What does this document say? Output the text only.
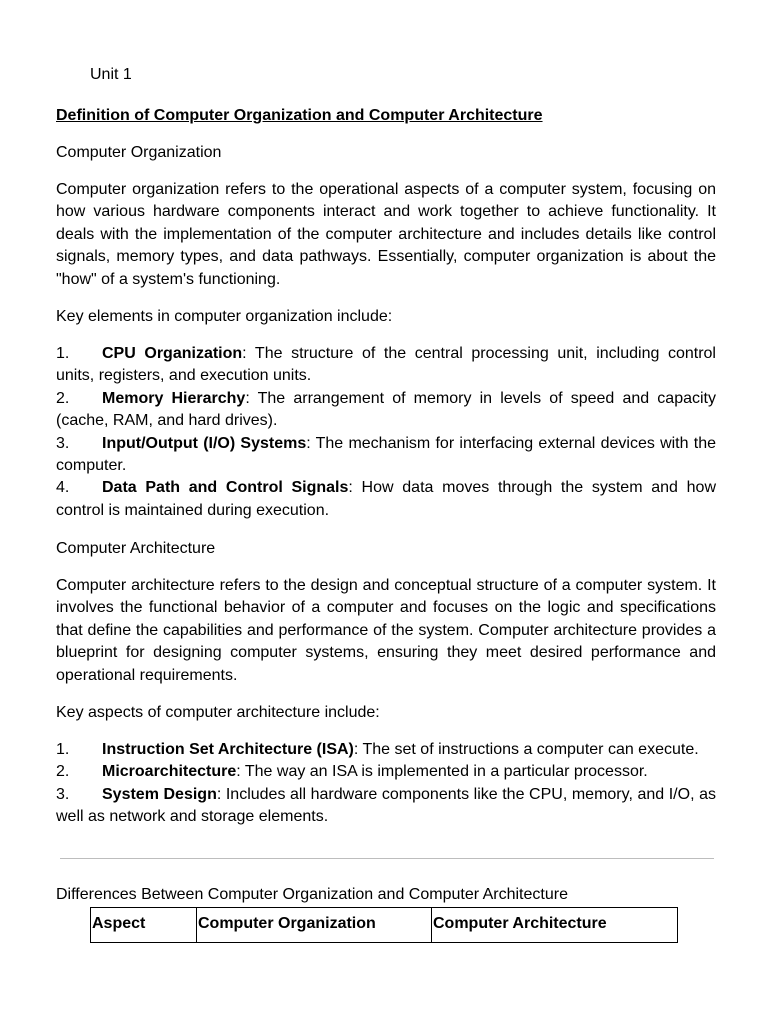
Unit 1
Definition of Computer Organization and Computer Architecture
Computer Organization
Computer organization refers to the operational aspects of a computer system, focusing on how various hardware components interact and work together to achieve functionality. It deals with the implementation of the computer architecture and includes details like control signals, memory types, and data pathways. Essentially, computer organization is about the "how" of a system's functioning.
Key elements in computer organization include:
1. CPU Organization: The structure of the central processing unit, including control units, registers, and execution units.
2. Memory Hierarchy: The arrangement of memory in levels of speed and capacity (cache, RAM, and hard drives).
3. Input/Output (I/O) Systems: The mechanism for interfacing external devices with the computer.
4. Data Path and Control Signals: How data moves through the system and how control is maintained during execution.
Computer Architecture
Computer architecture refers to the design and conceptual structure of a computer system. It involves the functional behavior of a computer and focuses on the logic and specifications that define the capabilities and performance of the system. Computer architecture provides a blueprint for designing computer systems, ensuring they meet desired performance and operational requirements.
Key aspects of computer architecture include:
1. Instruction Set Architecture (ISA): The set of instructions a computer can execute.
2. Microarchitecture: The way an ISA is implemented in a particular processor.
3. System Design: Includes all hardware components like the CPU, memory, and I/O, as well as network and storage elements.
Differences Between Computer Organization and Computer Architecture
Aspect	Computer Organization	Computer Architecture
